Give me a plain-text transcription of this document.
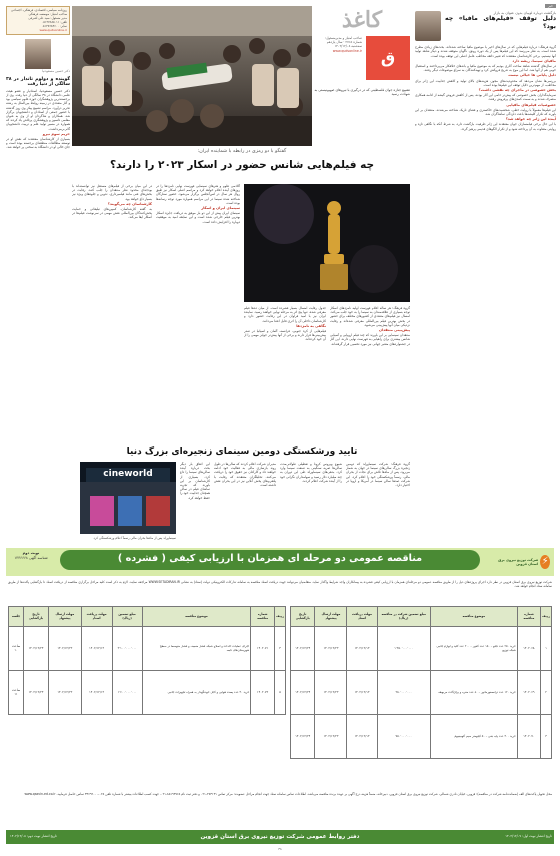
خبر
بازگشت دوباره لوبیان بدون عنوان به بازار
دلیل توقف «فیلم‌های مافیا» چه بود؟
گروه فرهنگ: درباره فیلم‌هایی که در سال‌های اخیر با موضوع مافیا ساخته شده‌اند، بحث‌های زیادی مطرح شده است. به نظر می‌رسد که این فیلم‌ها پس از یک دوره رونق، ناگهان متوقف شدند و دیگر شاهد تولید آنها نیستیم. برخی کارشناسان معتقدند که تغییر ذائقه مخاطب عامل اصلی این توقف بوده است.
مافیای سینما، ریشه دارد
در سال‌های گذشته شاهد ساخت آثاری بودیم که به موضوع مافیا و باندهای خلافکار می‌پرداختند و استقبال خوبی هم از آنها شد. اما این موج به تدریج فروکش کرد و تهیه‌کنندگان به سراغ موضوعات دیگر رفتند.
دلیل پایانی ها خیالی نیست
بررسی‌ها نشان می‌دهد که محدودیت‌های مجوز، هزینه‌های بالای تولید و کاهش جذابیت این ژانر برای مخاطب، از مهم‌ترین دلایل توقف این فیلم‌ها بوده است.
بخش خصوصی در ماجرای چه نقشی داشت؟
سرمایه‌گذاران بخش خصوصی که پیش‌تر حامی این آثار بودند، پس از کاهش فروش گیشه از ادامه همکاری منصرف شدند و به سمت کمدی‌های پرفروش رفتند.
خصوصیات فیلم‌های مافیایی
این فیلم‌ها معمولاً با روایت خطی، شخصیت‌های خاکستری و فضای تاریک شناخته می‌شدند. منتقدان بر این باورند که تکرار کلیشه‌ها باعث دلزدگی تماشاگران شد.
آینده این ژانر چه خواهد شد؟
با این حال برخی فیلمسازان جوان معتقدند این ژانر ظرفیت بازگشت دارد، به شرط آنکه با نگاهی تازه و روایتی متفاوت به آن پرداخته شود و از تکرار الگوهای قدیمی پرهیز گردد.
کاغذ
ق
صاحب امتیاز و مدیرمسئول:
شماره ۲۷۱۵ · سال یازدهم
سه‌شنبه ۱۴۰۲/۱۲/۰۸
www.qudsonline.ir
تشییع جنازه جوان فلسطینی که در درگیری با نیروهای صهیونیستی به شهادت رسید
روزنامه سیاسی، اقتصادی، فرهنگی، اجتماعی
صاحب امتیاز: موسسه فرهنگی
مدیر مسئول: سید علی اشرفی
تلفن: ۰۵۱۳۷۶۸۵۰۱۱
نمابر: ۰۵۱۳۷۶۸۴۶۰۰
www.qudsonline.ir
دکتر حسین مسعودنیا
گوینده و دولوم تاندار در ۳۸ سالگی از دنیا رفت
دکتر حسین مسعودنیا، استادیار و عضو هیئت علمی دانشگاه در ۳۸ سالگی از دنیا رفت. وی از برجسته‌ترین پژوهشگران حوزه علوم سیاسی بود و آثار متعددی در زمینه روابط بین‌الملل به رشته تحریر درآورد. مراسم تشییع پیکر وی روز گذشته با حضور جمعی از استادان و دانشجویان برگزار شد. همکاران و شاگردان او از وی به عنوان معلمی دلسوز و پژوهشگری پرتلاش یاد کردند که همواره در مسیر تولید علم و تربیت دانشجویان گام برمی‌داشت.
حریم سوم نیرو
بسیاری از کارشناسان معتقدند که نقش او در توسعه مطالعات منطقه‌ای برجسته بوده است و جای خالی او در دانشگاه به سختی پر خواهد شد.
گفتگو با دو رمزی در رابطه با شماینده ایران:
چه فیلم‌هایی شانس حضور در اسکار ۲۰۲۳ را دارند؟
گروه فرهنگ: هر ساله اعلام فهرست اولیه نامزدهای اسکار توجه بسیاری از علاقه‌مندان به سینما را به خود جلب می‌کند. امسال نیز فیلم‌های متعددی از کشورهای مختلف برای حضور در بخش بهترین فیلم بین‌المللی معرفی شده‌اند و رقابت نزدیکی میان آنها پیش‌بینی می‌شود.
پیش‌بینی منتقدان
منتقدان سینمایی بر این باورند که چند فیلم اروپایی و آسیایی شانس بیشتری برای راهیابی به فهرست نهایی دارند. این آثار در جشنواره‌های معتبر جهانی نیز مورد تحسین قرار گرفته‌اند.
جدول رقابت امسال بسیار فشرده است. از میان ده‌ها فیلم معرفی شده، تنها پنج اثر به مرحله نهایی خواهند رسید. نماینده ایران نیز با امید فراوان در این رقابت حضور دارد و کارشناسان داخلی آن را اثری قابل اعتنا می‌دانند.
نگاهی به نامزدها
فیلم‌هایی از کره جنوبی، فرانسه، آلمان و اسپانیا در صدر پیش‌بینی‌ها قرار دارند و برخی از آنها پیش‌تر جوایز مهمی را از آن خود کرده‌اند.
آکادمی علوم و هنرهای سینمایی فهرست نهایی نامزدها را در روزهای آینده اعلام خواهد کرد و مراسم اصلی اسکار نیز طبق روال هر سال در لس‌آنجلس برگزار می‌شود. حضور ستارگان شناخته شده سینما در این مراسم همواره مورد توجه رسانه‌ها بوده است.
سینمای ایران و اسکار
سینمای ایران پیش از این دو بار موفق به دریافت جایزه اسکار بهترین فیلم خارجی شده است و این سابقه امید به موفقیت دوباره را افزایش داده است.
در این میان برخی از فیلم‌های مستقل نیز توانسته‌اند با بودجه‌ای محدود نظر منتقدان را جلب کنند. رقابت در بخش‌های فنی مانند فیلمبرداری، تدوین و جلوه‌های ویژه نیز بسیار داغ خواهد بود.
کارشناسان چه می‌گویند؟
به گفته کارشناسان، کمپین‌های تبلیغاتی و حمایت پخش‌کنندگان بین‌المللی نقش مهمی در سرنوشت فیلم‌ها در اسکار ایفا می‌کند.
تایید ورشکستگی دومین سینمای زنجیره‌ای بزرگ دنیا
cineworld
سینماورلد پس از ماه‌ها بحران مالی رسماً اعلام ورشکستگی کرد
گروه فرهنگ: شرکت سینماورلد که دومین زنجیره بزرگ سالن‌های سینما در جهان به شمار می‌رود، پس از ماه‌ها تلاش برای نجات از بحران مالی، رسماً ورشکستگی خود را اعلام کرد. این شرکت صدها سالن سینما در آمریکا و اروپا در اختیار دارد.
شیوع ویروس کرونا و تعطیلی طولانی‌مدت سالن‌ها ضربه سنگینی به صنعت سینما وارد کرد. بدهی‌های سینماورلد طی این دوران به چند میلیارد دلار رسید و سهامداران نگرانی خود را از آینده شرکت اعلام کردند.
مدیران شرکت اعلام کردند که سالن‌ها در طول روند بازسازی مالی به فعالیت خود ادامه خواهند داد و کارکنان نیز حقوق خود را دریافت می‌کنند. تحلیلگران معتقدند که رقابت با پلتفرم‌های پخش آنلاین نیز در این بحران نقش داشته است.
این اتفاق بار دیگر بحث درباره آینده سالن‌های سینما را داغ کرد. بسیاری از کارشناسان بر این باورند که تجربه تماشای فیلم در سالن همچنان جذابیت خود را حفظ خواهد کرد.
مناقصه عمومی دو مرحله ای همزمان با ارزیابی کیفی ( فشرده )	⚡
شرکت توزیع نیروی برق استان قزوین
نوبت دوم
شناسه آگهی ۱۴۳۶۶۶۸
شرکت توزیع نیروی برق استان قزوین در نظر دارد اجرای پروژه‌های ذیل را از طریق مناقصه عمومی دو مرحله‌ای همزمان با ارزیابی کیفی فشرده به پیمانکاران واجد شرایط واگذار نماید. متقاضیان می‌توانند جهت دریافت اسناد مناقصه به سامانه تدارکات الکترونیکی دولت (ستاد) به نشانی WWW.SETADIRAN.IR مراجعه نمایند. لازم به ذکر است کلیه مراحل برگزاری مناقصه از دریافت اسناد تا بازگشایی پاکت‌ها از طریق سامانه ستاد انجام خواهد شد.
ردیف	شماره مناقصه	موضوع مناقصه	مبلغ تضمین شرکت در مناقصه (ریال)	مهلت دریافت اسناد	مهلت ارسال پیشنهاد	تاریخ بازگشایی
۱	۱۴۰۲۰۶۸	خرید ۲۵۰ عدد تابلو – ۱۵۰ عدد کنتور – ۲۰۰ عدد کلید و لوازم جانبی شبکه توزیع	۱٬۲۵۰٬۰۰۰٬۰۰۰	۱۴۰۲/۱۲/۱۳	۱۴۰۲/۱۲/۲۳	۱۴۰۲/۱۲/۲۴
۲	۱۴۰۲۰۶۹	خرید ۱۲۰ عدد ترانسفورماتور – ۸۰ عدد مقره و یراق‌آلات مربوطه	۹۸۰٬۰۰۰٬۰۰۰	۱۴۰۲/۱۲/۱۳	۱۴۰۲/۱۲/۲۳	۱۴۰۲/۱۲/۲۴
۳	۱۴۰۲۰۷۰	خرید ۳۰۰ عدد پایه بتنی – ۵۰ کیلومتر سیم آلومینیوم	۷۵۰٬۰۰۰٬۰۰۰	۱۴۰۲/۱۲/۱۳	۱۴۰۲/۱۲/۲۳	۱۴۰۲/۱۲/۲۴
ردیف	شماره مناقصه	موضوع مناقصه	مبلغ تضمین (ریال)	مهلت دریافت اسناد	مهلت ارسال پیشنهاد	تاریخ بازگشایی	جلسه
۴	۱۴۰۲۰۷۱	اجرای عملیات احداث و اصلاح شبکه فشار ضعیف و فشار متوسط در سطح شهرستان‌های تابعه	۲٬۱۰۰٬۰۰۰٬۰۰۰	۱۴۰۲/۱۲/۱۳	۱۴۰۲/۱۲/۲۳	۱۴۰۲/۱۲/۲۴	ساعت ۱۰
۵	۱۴۰۲۰۷۲	خرید ۴۰ عدد پست هوایی و کابل خودنگهدار به همراه تجهیزات جانبی	۱٬۶۰۰٬۰۰۰٬۰۰۰	۱۴۰۲/۱۲/۱۳	۱۴۰۲/۱۲/۲۳	۱۴۰۲/۱۲/۲۴	ساعت ۱۱
محل تحویل پاکت‌های الف (ضمانت‌نامه شرکت در مناقصه): قزوین، خیابان نادری شمالی، شرکت توزیع نیروی برق استان قزوین، دبیرخانه. ضمناً هزینه درج آگهی بر عهده برنده مناقصه می‌باشد. اطلاعات تماس سامانه ستاد جهت انجام مراحل عضویت: مرکز تماس ۲۷۳۱۳۱-۰۲۱ و دفتر ثبت نام ۸۵۱۹۳۷۶۸-۰۲۱. جهت کسب اطلاعات بیشتر با شماره تلفن ۰۲۸-۳۳۶۹۲۰۰۰ تماس حاصل فرمایید. www.qazvin-ed.co.ir
دفتر روابط عمومی شرکت توزیع نیروی برق استان قزوین	تاریخ انتشار نوبت اول: ۱۴۰۲/۱۲/۰۷
تاریخ انتشار نوبت دوم: ۱۴۰۲/۱۲/۰۸
۳۸
